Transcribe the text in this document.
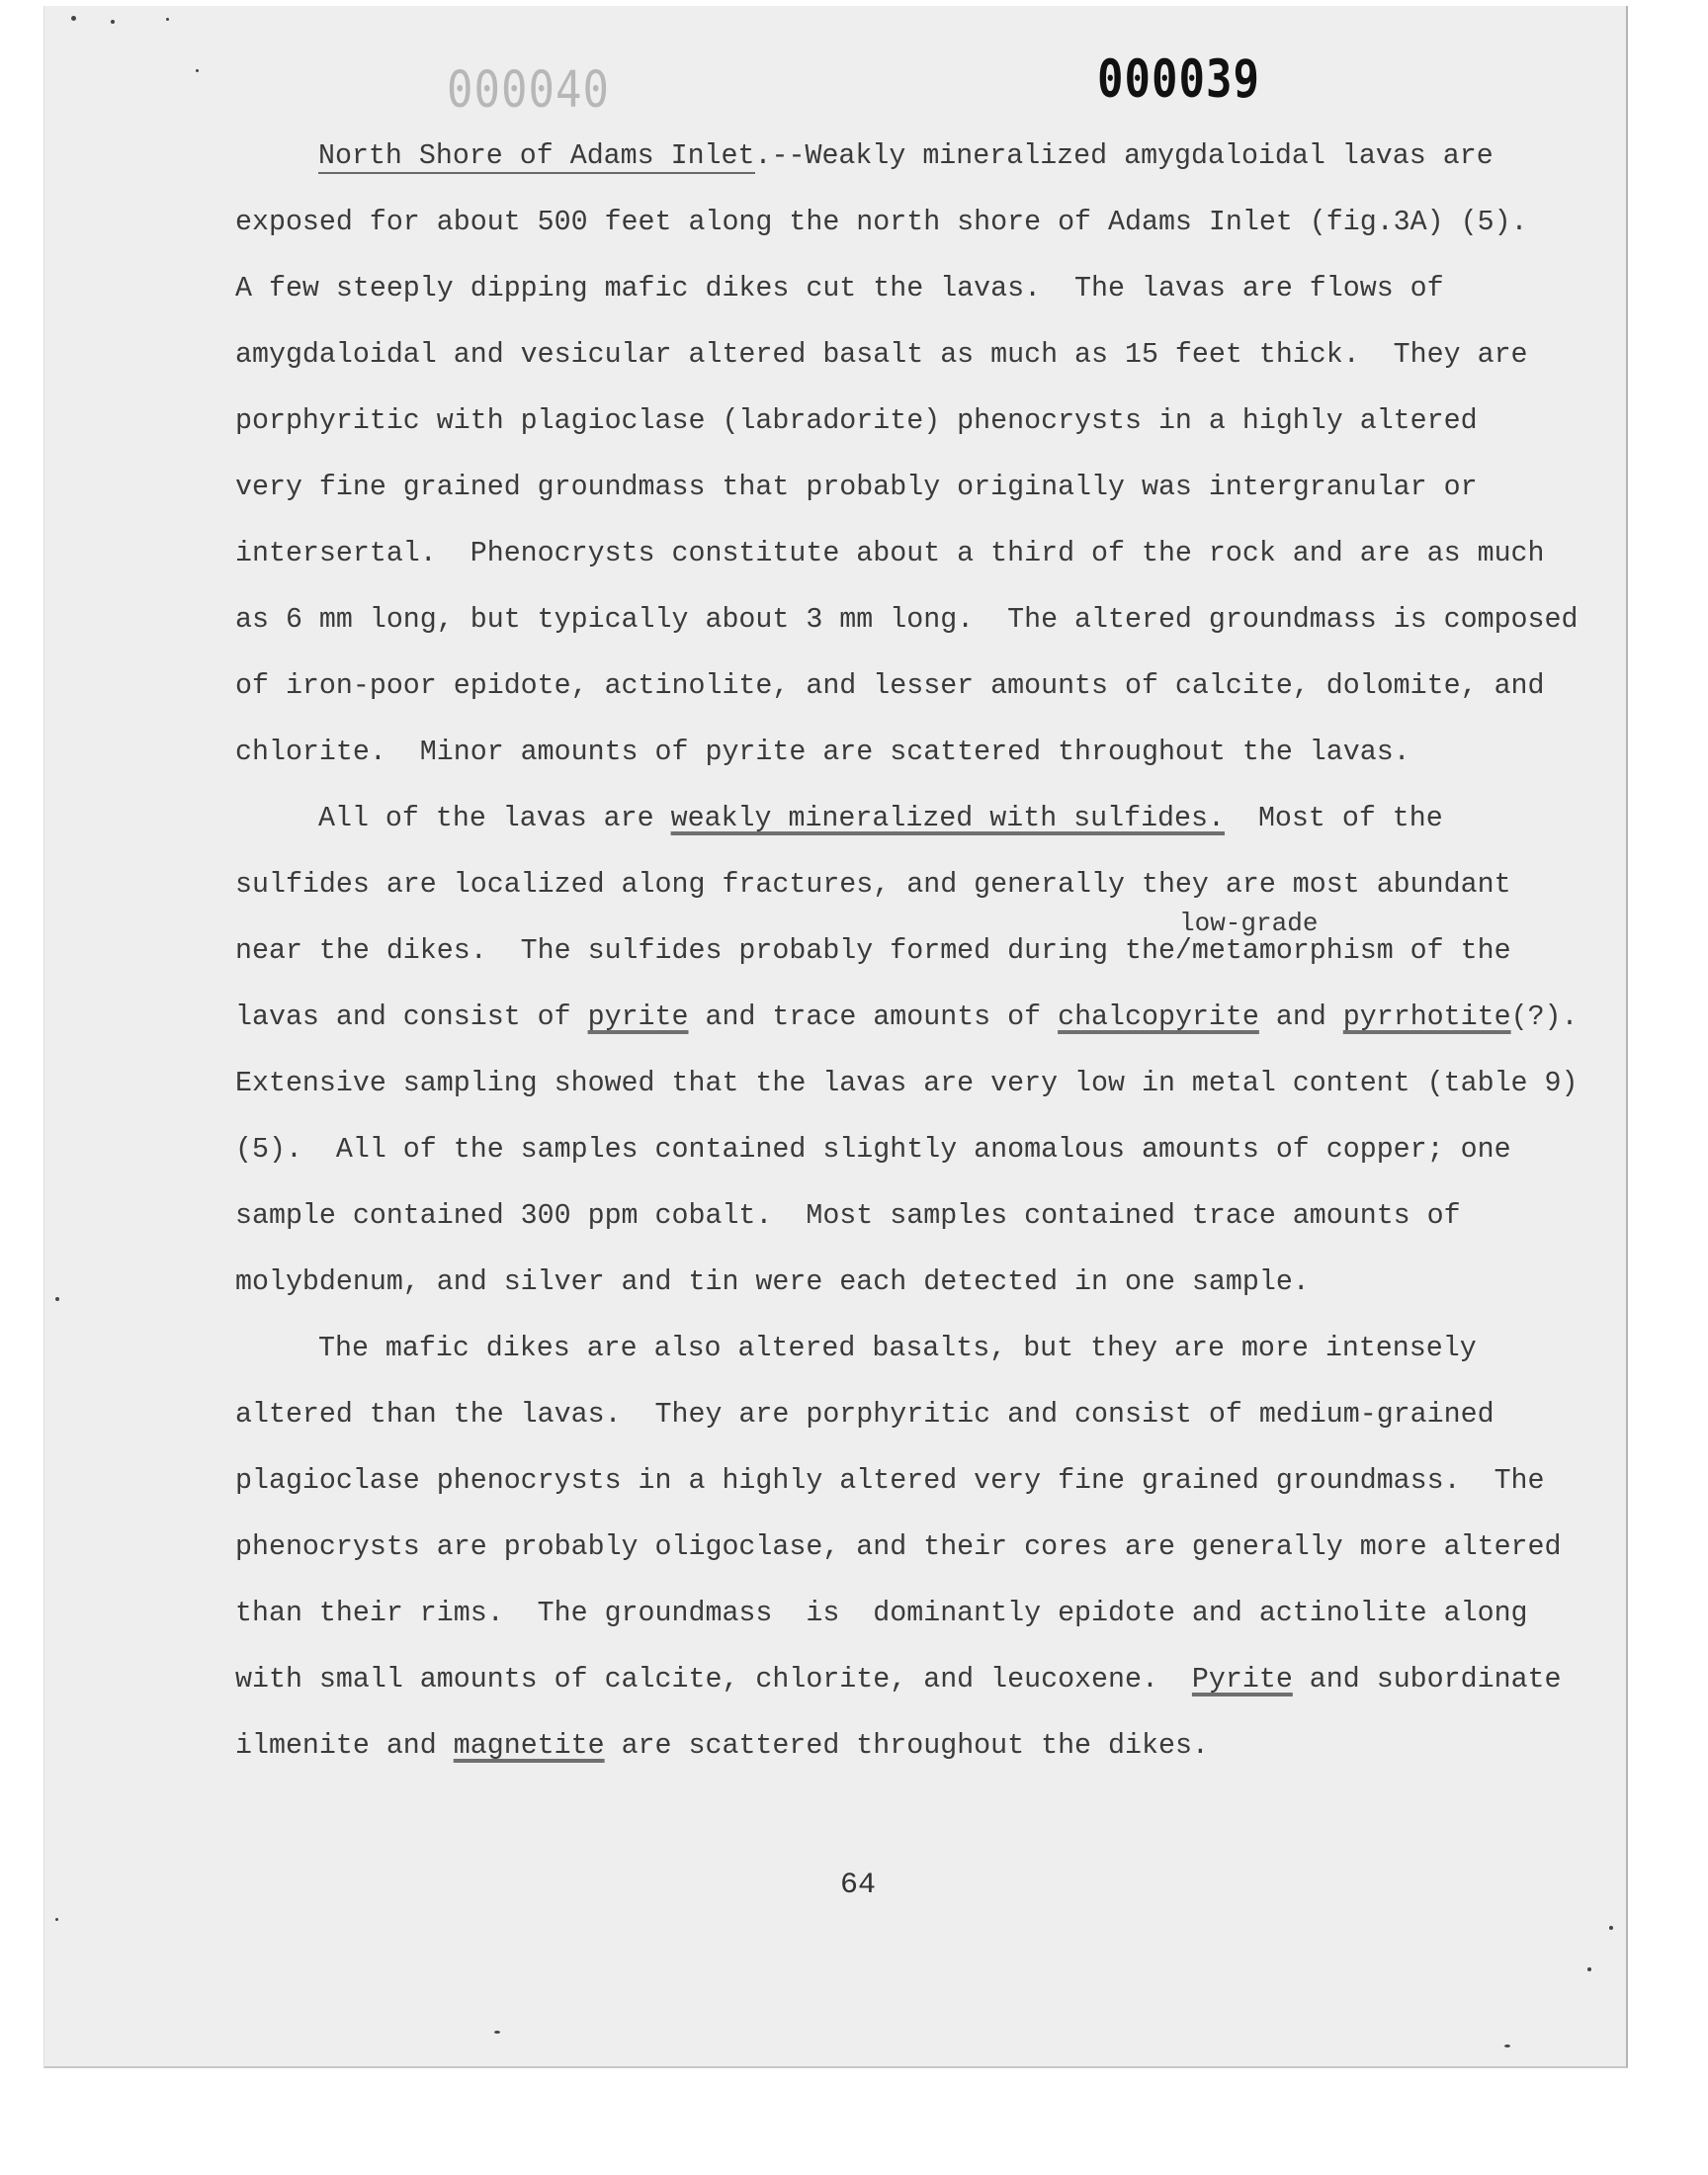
000040	000039
North Shore of Adams Inlet.--Weakly mineralized amygdaloidal lavas are
exposed for about 500 feet along the north shore of Adams Inlet (fig.3A) (5).
A few steeply dipping mafic dikes cut the lavas.  The lavas are flows of
amygdaloidal and vesicular altered basalt as much as 15 feet thick.  They are
porphyritic with plagioclase (labradorite) phenocrysts in a highly altered
very fine grained groundmass that probably originally was intergranular or
intersertal.  Phenocrysts constitute about a third of the rock and are as much
as 6 mm long, but typically about 3 mm long.  The altered groundmass is composed
of iron-poor epidote, actinolite, and lesser amounts of calcite, dolomite, and
chlorite.  Minor amounts of pyrite are scattered throughout the lavas.
All of the lavas are weakly mineralized with sulfides.  Most of the
sulfides are localized along fractures, and generally they are most abundant
near the dikes.  The sulfides probably formed during the/metamorphism of the
low-grade
lavas and consist of pyrite and trace amounts of chalcopyrite and pyrrhotite(?).
Extensive sampling showed that the lavas are very low in metal content (table 9)
(5).  All of the samples contained slightly anomalous amounts of copper; one
sample contained 300 ppm cobalt.  Most samples contained trace amounts of
molybdenum, and silver and tin were each detected in one sample.
The mafic dikes are also altered basalts, but they are more intensely
altered than the lavas.  They are porphyritic and consist of medium-grained
plagioclase phenocrysts in a highly altered very fine grained groundmass.  The
phenocrysts are probably oligoclase, and their cores are generally more altered
than their rims.  The groundmass  is  dominantly epidote and actinolite along
with small amounts of calcite, chlorite, and leucoxene.  Pyrite and subordinate
ilmenite and magnetite are scattered throughout the dikes.
64
